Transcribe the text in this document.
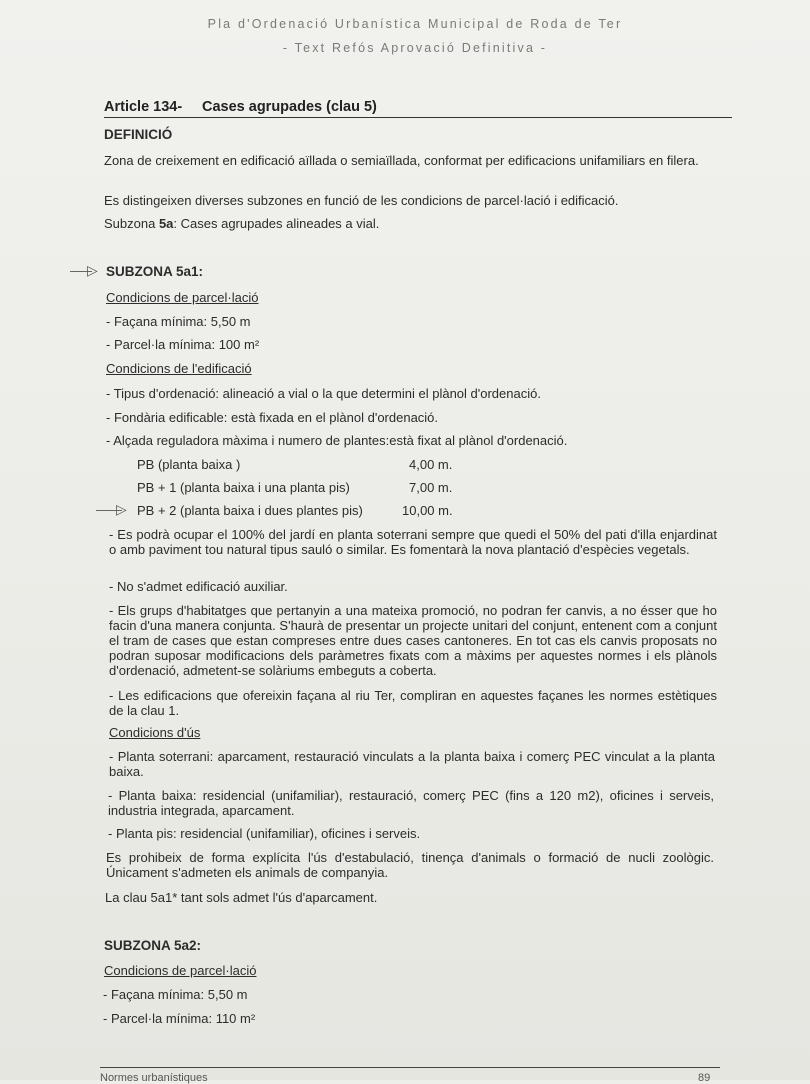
Pla d'Ordenació Urbanística Municipal de Roda de Ter
- Text Refós Aprovació Definitiva -
Article 134- Cases agrupades (clau 5)
DEFINICIÓ
Zona de creixement en edificació aïllada o semiaïllada, conformat per edificacions unifamiliars en filera.
Es distingeixen diverses subzones en funció de les condicions de parcel·lació i edificació.
Subzona 5a: Cases agrupades alineades a vial.
▷ SUBZONA 5a1:
Condicions de parcel·lació
- Façana mínima: 5,50 m
- Parcel·la mínima: 100 m²
Condicions de l'edificació
- Tipus d'ordenació: alineació a vial o la que determini el plànol d'ordenació.
- Fondària edificable: està fixada en el plànol d'ordenació.
- Alçada reguladora màxima i numero de plantes:està fixat al plànol d'ordenació.
PB (planta baixa )	4,00 m.
PB + 1 (planta baixa i una planta pis)	7,00 m.
▷ PB + 2 (planta baixa i dues plantes pis)	10,00 m.
- Es podrà ocupar el 100% del jardí en planta soterrani sempre que quedi el 50% del pati d'illa enjardinat o amb paviment tou natural tipus sauló o similar. Es fomentarà la nova plantació d'espècies vegetals.
- No s'admet edificació auxiliar.
- Els grups d'habitatges que pertanyin a una mateixa promoció, no podran fer canvis, a no ésser que ho facin d'una manera conjunta. S'haurà de presentar un projecte unitari del conjunt, entenent com a conjunt el tram de cases que estan compreses entre dues cases cantoneres. En tot cas els canvis proposats no podran suposar modificacions dels paràmetres fixats com a màxims per aquestes normes i els plànols d'ordenació, admetent-se solàriums embeguts a coberta.
- Les edificacions que ofereixin façana al riu Ter, compliran en aquestes façanes les normes estètiques de la clau 1.
Condicions d'ús
- Planta soterrani: aparcament, restauració vinculats a la planta baixa i comerç PEC vinculat a la planta baixa.
- Planta baixa: residencial (unifamiliar), restauració, comerç PEC (fins a 120 m2), oficines i serveis, industria integrada, aparcament.
- Planta pis: residencial (unifamiliar), oficines i serveis.
Es prohibeix de forma explícita l'ús d'estabulació, tinença d'animals o formació de nucli zoològic. Únicament s'admeten els animals de companyia.
La clau 5a1* tant sols admet l'ús d'aparcament.
SUBZONA 5a2:
Condicions de parcel·lació
- Façana mínima: 5,50 m
- Parcel·la mínima: 110 m²
Normes urbanístiques	89
